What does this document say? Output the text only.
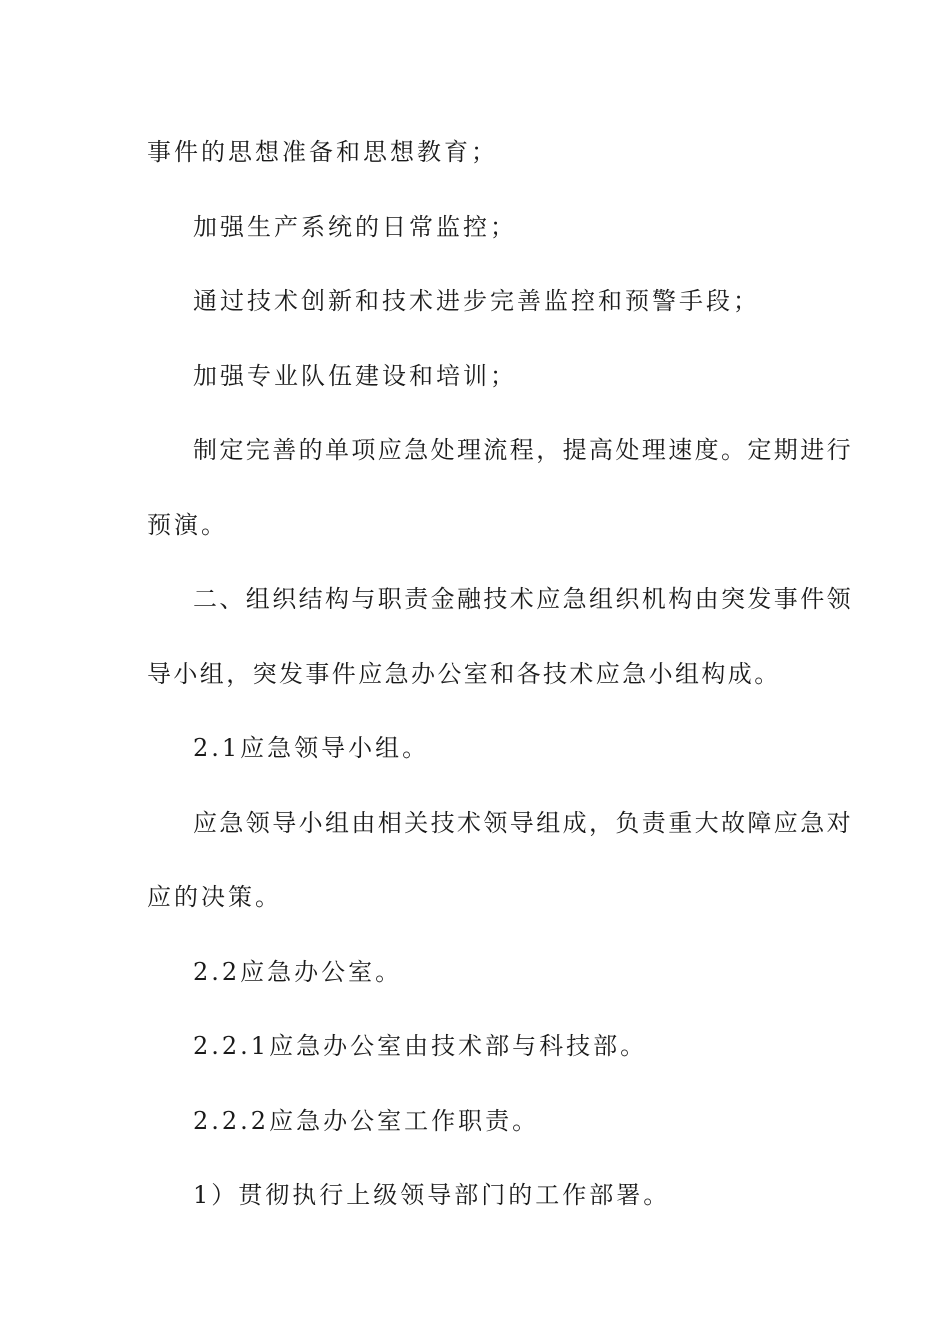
事件的思想准备和思想教育；
加强生产系统的日常监控；
通过技术创新和技术进步完善监控和预警手段；
加强专业队伍建设和培训；
制定完善的单项应急处理流程，提高处理速度。定期进行
预演。
二、组织结构与职责金融技术应急组织机构由突发事件领
导小组，突发事件应急办公室和各技术应急小组构成。
2.1应急领导小组。
应急领导小组由相关技术领导组成，负责重大故障应急对
应的决策。
2.2应急办公室。
2.2.1应急办公室由技术部与科技部。
2.2.2应急办公室工作职责。
1）贯彻执行上级领导部门的工作部署。
